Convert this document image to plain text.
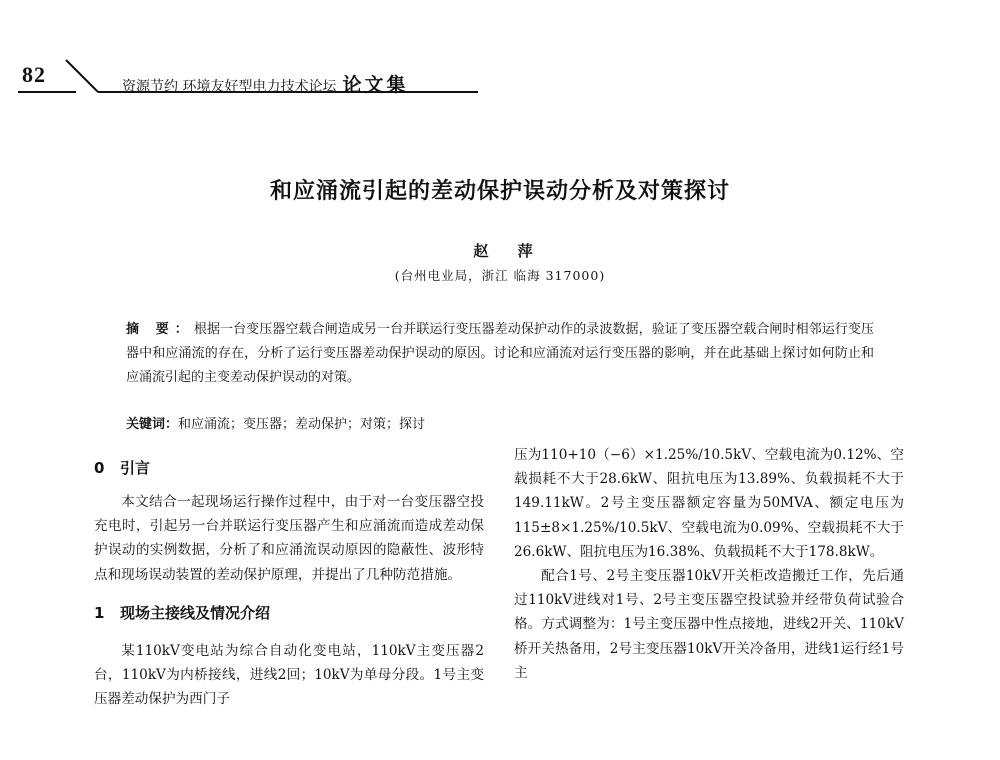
82	资源节约 环境友好型电力技术论坛 论文集
和应涌流引起的差动保护误动分析及对策探讨
赵 萍
(台州电业局，浙江 临海 317000)
摘 要：根据一台变压器空载合闸造成另一台并联运行变压器差动保护动作的录波数据，验证了变压器空载合闸时相邻运行变压器中和应涌流的存在，分析了运行变压器差动保护误动的原因。讨论和应涌流对运行变压器的影响，并在此基础上探讨如何防止和应涌流引起的主变差动保护误动的对策。
关键词：和应涌流；变压器；差动保护；对策；探讨
0 引言

本文结合一起现场运行操作过程中，由于对一台变压器空投充电时，引起另一台并联运行变压器产生和应涌流而造成差动保护误动的实例数据，分析了和应涌流误动原因的隐蔽性、波形特点和现场误动装置的差动保护原理，并提出了几种防范措施。

1 现场主接线及情况介绍

某110kV变电站为综合自动化变电站，110kV主变压器2台，110kV为内桥接线，进线2回；10kV为单母分段。1号主变压器差动保护为西门子

压为110+10（−6）×1.25%/10.5kV、空载电流为0.12%、空载损耗不大于28.6kW、阻抗电压为13.89%、负载损耗不大于149.11kW。2号主变压器额定容量为50MVA、额定电压为115±8×1.25%/10.5kV、空载电流为0.09%、空载损耗不大于26.6kW、阻抗电压为16.38%、负载损耗不大于178.8kW。

配合1号、2号主变压器10kV开关柜改造搬迁工作，先后通过110kV进线对1号、2号主变压器空投试验并经带负荷试验合格。方式调整为：1号主变压器中性点接地，进线2开关、110kV桥开关热备用，2号主变压器10kV开关冷备用，进线1运行经1号主
